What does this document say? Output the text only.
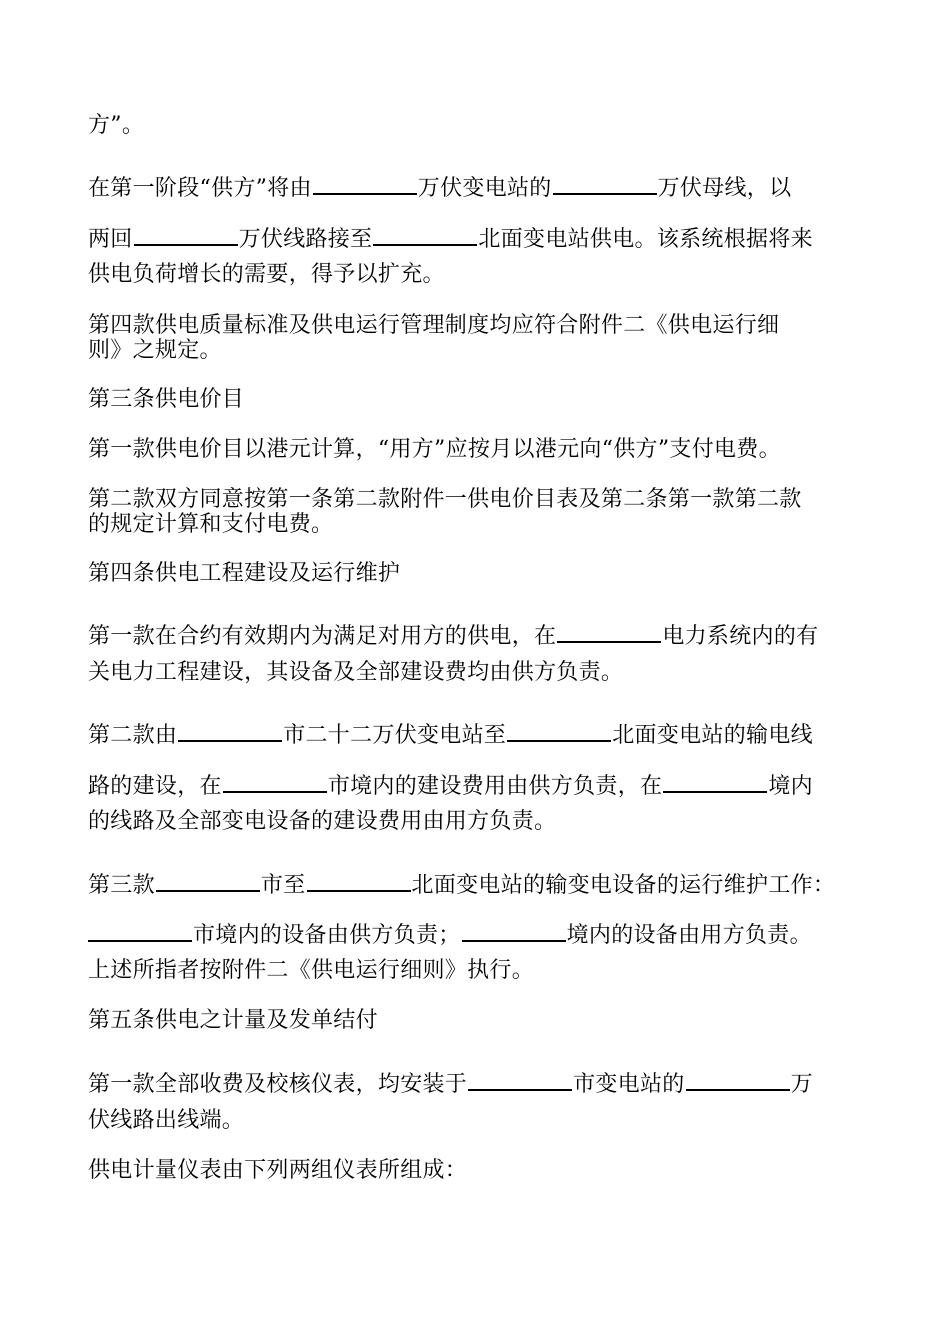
方”。
在第一阶段“供方”将由	万伏变电站的	万伏母线，以
两回	万伏线路接至	北面变电站供电。该系统根据将来
供电负荷增长的需要，得予以扩充。
第四款供电质量标准及供电运行管理制度均应符合附件二《供电运行细
则》之规定。
第三条供电价目
第一款供电价目以港元计算，“用方”应按月以港元向“供方”支付电费。
第二款双方同意按第一条第二款附件一供电价目表及第二条第一款第二款
的规定计算和支付电费。
第四条供电工程建设及运行维护
第一款在合约有效期内为满足对用方的供电，在	电力系统内的有
关电力工程建设，其设备及全部建设费均由供方负责。
第二款由	市二十二万伏变电站至	北面变电站的输电线
路的建设，在	市境内的建设费用由供方负责，在	境内
的线路及全部变电设备的建设费用由用方负责。
第三款	市至	北面变电站的输变电设备的运行维护工作：
市境内的设备由供方负责；	境内的设备由用方负责。
上述所指者按附件二《供电运行细则》执行。
第五条供电之计量及发单结付
第一款全部收费及校核仪表，均安装于	市变电站的	万
伏线路出线端。
供电计量仪表由下列两组仪表所组成：
